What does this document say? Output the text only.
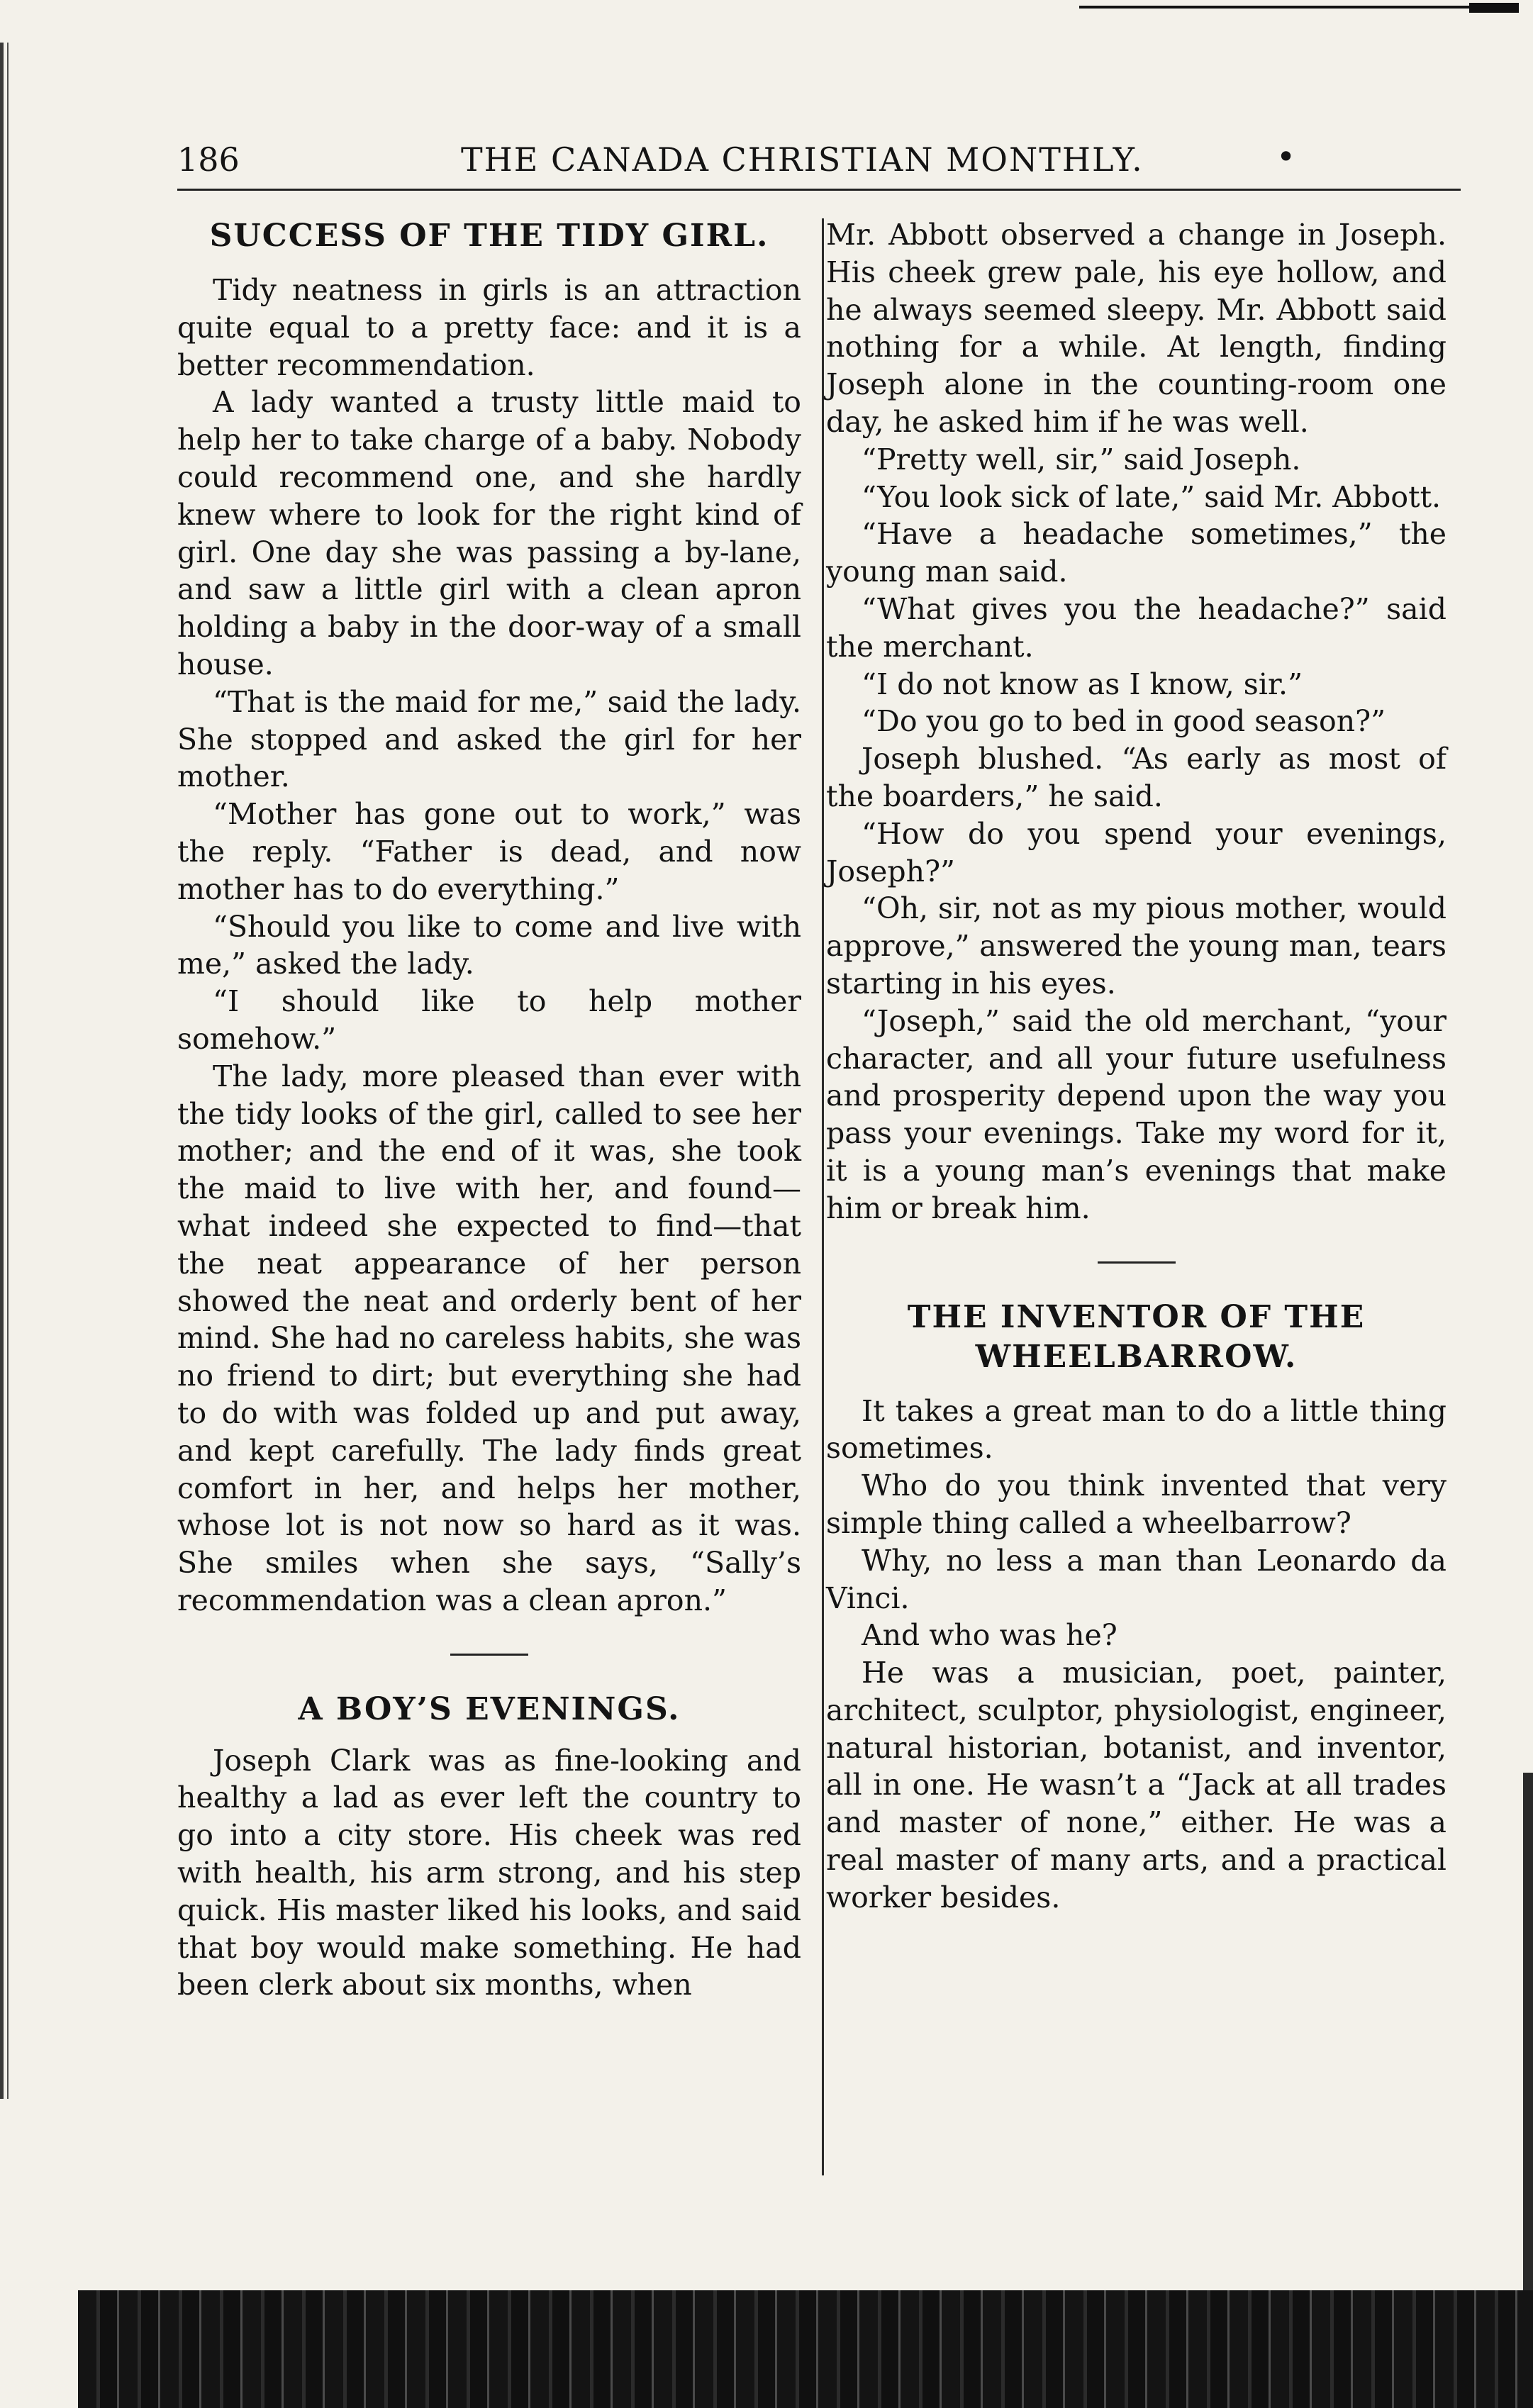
186	THE CANADA CHRISTIAN MONTHLY.	•
SUCCESS OF THE TIDY GIRL.

Tidy neatness in girls is an attraction quite equal to a pretty face: and it is a better recommendation.

A lady wanted a trusty little maid to help her to take charge of a baby. Nobody could recommend one, and she hardly knew where to look for the right kind of girl. One day she was passing a by-lane, and saw a little girl with a clean apron holding a baby in the door-way of a small house.

“That is the maid for me,” said the lady. She stopped and asked the girl for her mother.

“Mother has gone out to work,” was the reply. “Father is dead, and now mother has to do everything.”

“Should you like to come and live with me,” asked the lady.

“I should like to help mother somehow.”

The lady, more pleased than ever with the tidy looks of the girl, called to see her mother; and the end of it was, she took the maid to live with her, and found—what indeed she expected to find—that the neat appearance of her person showed the neat and orderly bent of her mind. She had no careless habits, she was no friend to dirt; but everything she had to do with was folded up and put away, and kept carefully. The lady finds great comfort in her, and helps her mother, whose lot is not now so hard as it was. She smiles when she says, “Sally’s recommendation was a clean apron.”

A BOY’S EVENINGS.

Joseph Clark was as fine-looking and healthy a lad as ever left the country to go into a city store. His cheek was red with health, his arm strong, and his step quick. His master liked his looks, and said that boy would make something. He had been clerk about six months, when

Mr. Abbott observed a change in Joseph. His cheek grew pale, his eye hollow, and he always seemed sleepy. Mr. Abbott said nothing for a while. At length, finding Joseph alone in the counting-room one day, he asked him if he was well.

“Pretty well, sir,” said Joseph.

“You look sick of late,” said Mr. Abbott.

“Have a headache sometimes,” the young man said.

“What gives you the headache?” said the merchant.

“I do not know as I know, sir.”

“Do you go to bed in good season?”

Joseph blushed. “As early as most of the boarders,” he said.

“How do you spend your evenings, Joseph?”

“Oh, sir, not as my pious mother, would approve,” answered the young man, tears starting in his eyes.

“Joseph,” said the old merchant, “your character, and all your future usefulness and prosperity depend upon the way you pass your evenings. Take my word for it, it is a young man’s evenings that make him or break him.

THE INVENTOR OF THE WHEELBARROW.

It takes a great man to do a little thing sometimes.

Who do you think invented that very simple thing called a wheelbarrow?

Why, no less a man than Leonardo da Vinci.

And who was he?

He was a musician, poet, painter, architect, sculptor, physiologist, engineer, natural historian, botanist, and inventor, all in one. He wasn’t a “Jack at all trades and master of none,” either. He was a real master of many arts, and a practical worker besides.
